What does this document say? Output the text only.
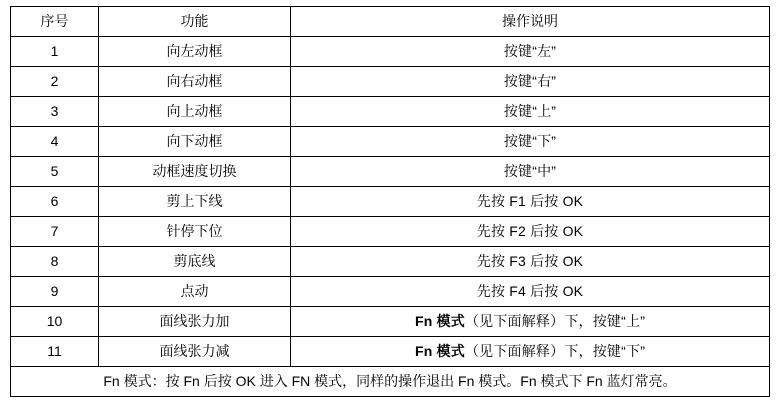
序号	功能	操作说明
1	向左动框	按键“左”
2	向右动框	按键“右”
3	向上动框	按键“上”
4	向下动框	按键“下”
5	动框速度切换	按键“中”
6	剪上下线	先按 F1 后按 OK
7	针停下位	先按 F2 后按 OK
8	剪底线	先按 F3 后按 OK
9	点动	先按 F4 后按 OK
10	面线张力加	Fn 模式（见下面解释）下，按键“上”
11	面线张力减	Fn 模式（见下面解释）下，按键“下”
Fn 模式：按 Fn 后按 OK 进入 FN 模式，同样的操作退出 Fn 模式。Fn 模式下 Fn 蓝灯常亮。		
